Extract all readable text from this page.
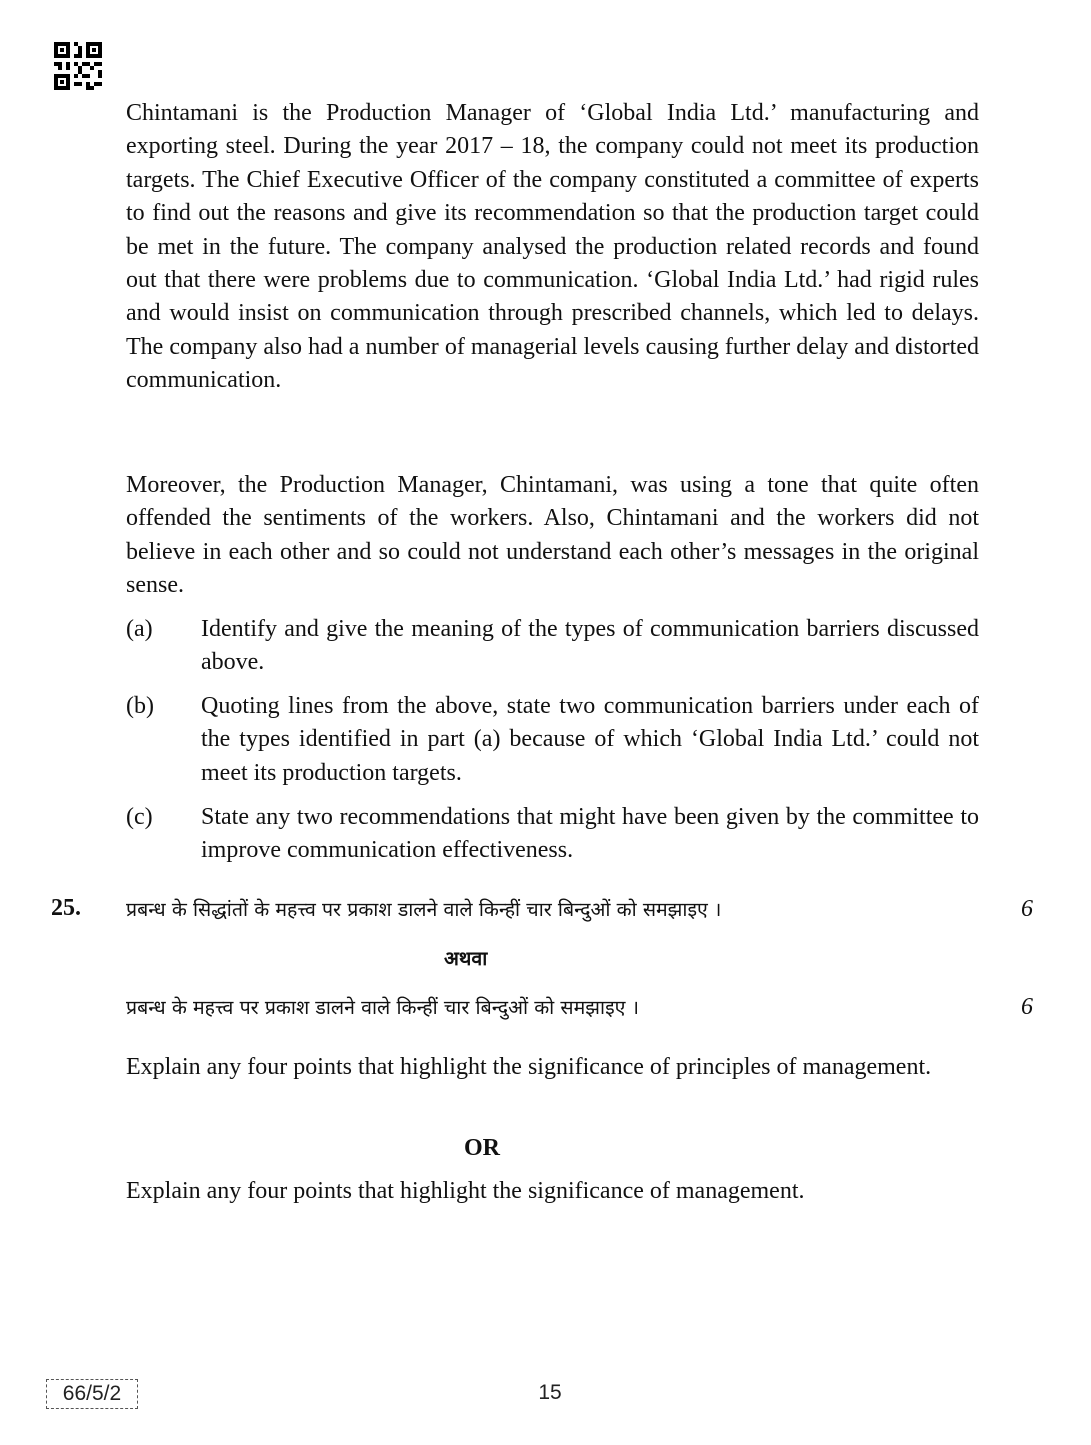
Chintamani is the Production Manager of ‘Global India Ltd.’ manufacturing and exporting steel. During the year 2017 – 18, the company could not meet its production targets. The Chief Executive Officer of the company constituted a committee of experts to find out the reasons and give its recommendation so that the production target could be met in the future. The company analysed the production related records and found out that there were problems due to communication. ‘Global India Ltd.’ had rigid rules and would insist on communication through prescribed channels, which led to delays. The company also had a number of managerial levels causing further delay and distorted communication.

Moreover, the Production Manager, Chintamani, was using a tone that quite often offended the sentiments of the workers. Also, Chintamani and the workers did not believe in each other and so could not understand each other’s messages in the original sense.

(a) Identify and give the meaning of the types of communication barriers discussed above.
(b) Quoting lines from the above, state two communication barriers under each of the types identified in part (a) because of which ‘Global India Ltd.’ could not meet its production targets.
(c) State any two recommendations that might have been given by the committee to improve communication effectiveness.
25. प्रबन्ध के सिद्धांतों के महत्त्व पर प्रकाश डालने वाले किन्हीं चार बिन्दुओं को समझाइए ।	6
अथवा
प्रबन्ध के महत्त्व पर प्रकाश डालने वाले किन्हीं चार बिन्दुओं को समझाइए ।	6
Explain any four points that highlight the significance of principles of management.
OR
Explain any four points that highlight the significance of management.
66/5/2	15
